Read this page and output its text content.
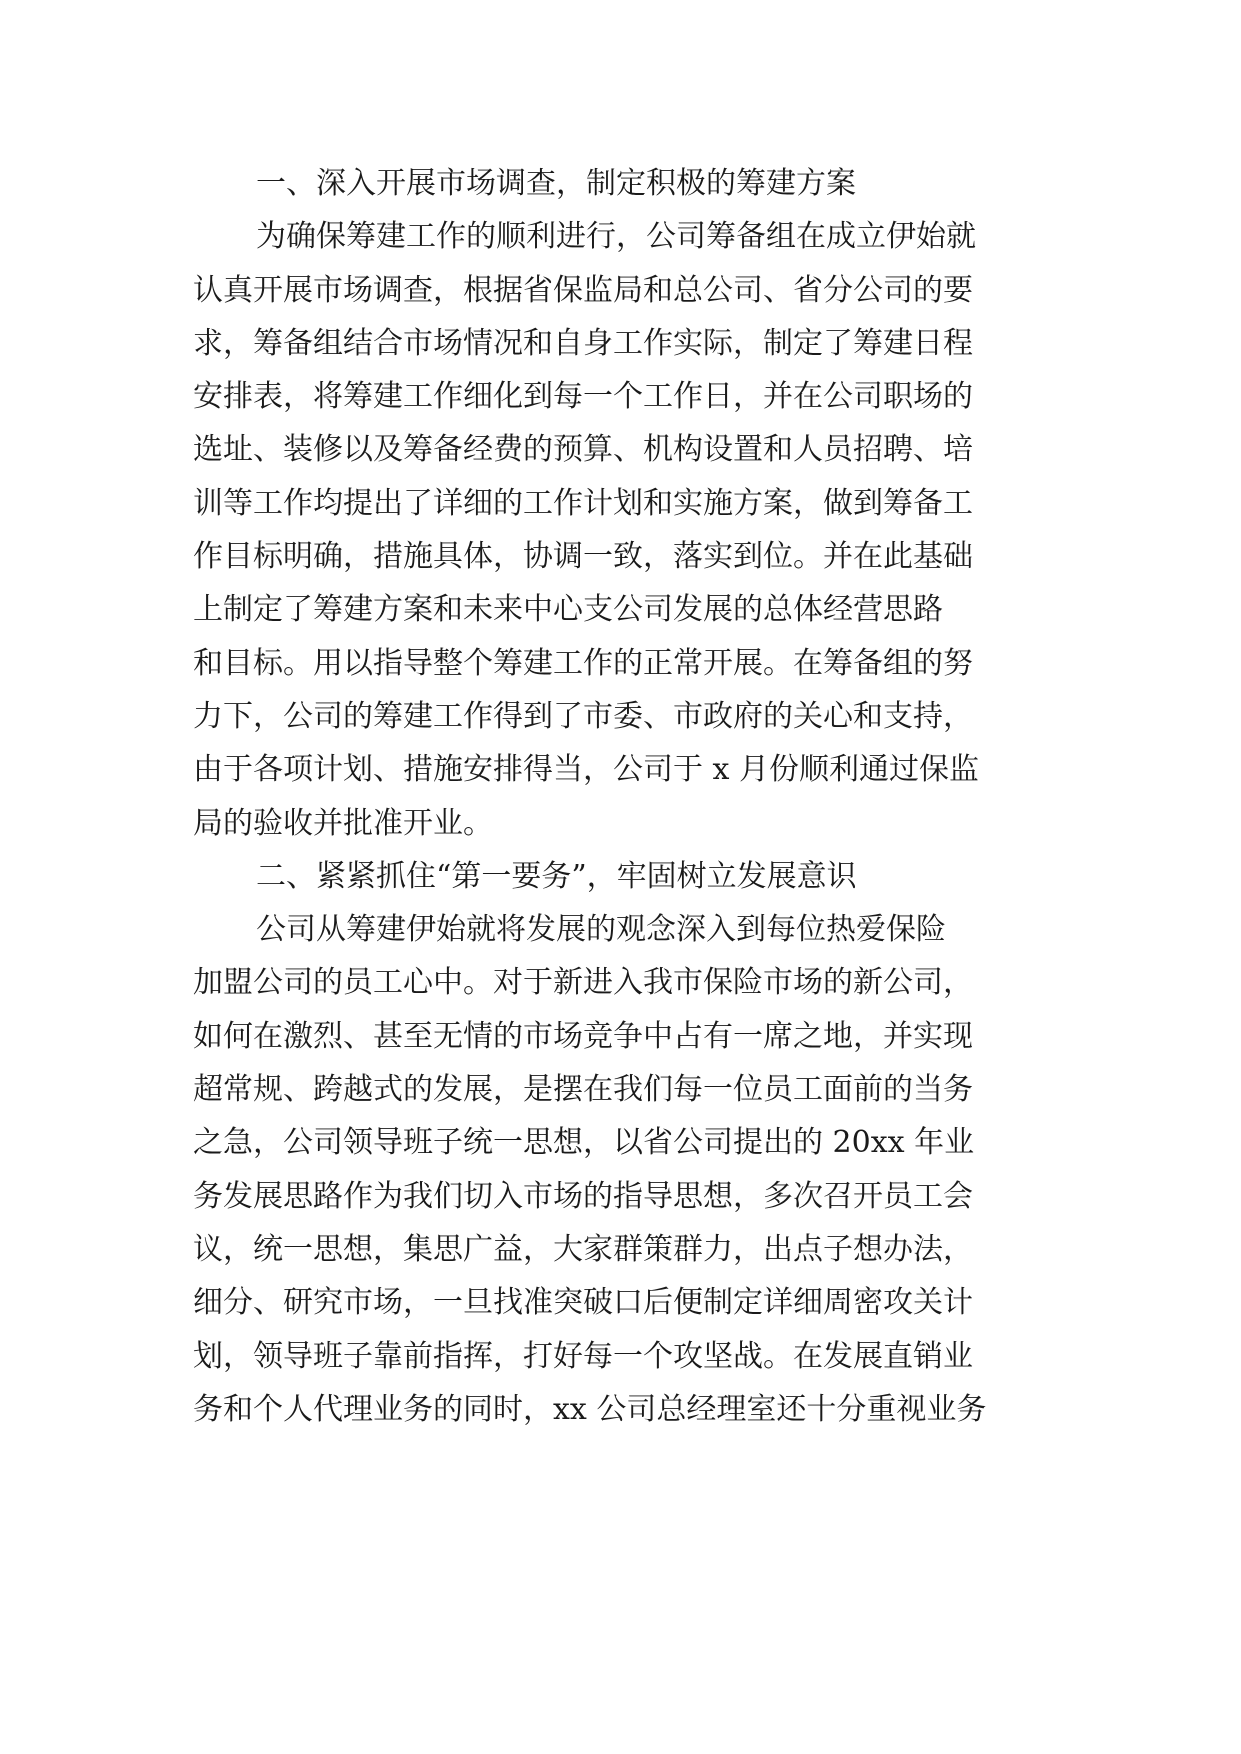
一、深入开展市场调查，制定积极的筹建方案
为确保筹建工作的顺利进行，公司筹备组在成立伊始就
认真开展市场调查，根据省保监局和总公司、省分公司的要
求，筹备组结合市场情况和自身工作实际，制定了筹建日程
安排表，将筹建工作细化到每一个工作日，并在公司职场的
选址、装修以及筹备经费的预算、机构设置和人员招聘、培
训等工作均提出了详细的工作计划和实施方案，做到筹备工
作目标明确，措施具体，协调一致，落实到位。并在此基础
上制定了筹建方案和未来中心支公司发展的总体经营思路
和目标。用以指导整个筹建工作的正常开展。在筹备组的努
力下，公司的筹建工作得到了市委、市政府的关心和支持，
由于各项计划、措施安排得当，公司于 x 月份顺利通过保监
局的验收并批准开业。
二、紧紧抓住“第一要务”，牢固树立发展意识
公司从筹建伊始就将发展的观念深入到每位热爱保险
加盟公司的员工心中。对于新进入我市保险市场的新公司，
如何在激烈、甚至无情的市场竞争中占有一席之地，并实现
超常规、跨越式的发展，是摆在我们每一位员工面前的当务
之急，公司领导班子统一思想，以省公司提出的 20xx 年业
务发展思路作为我们切入市场的指导思想，多次召开员工会
议，统一思想，集思广益，大家群策群力，出点子想办法，
细分、研究市场，一旦找准突破口后便制定详细周密攻关计
划，领导班子靠前指挥，打好每一个攻坚战。在发展直销业
务和个人代理业务的同时，xx 公司总经理室还十分重视业务
